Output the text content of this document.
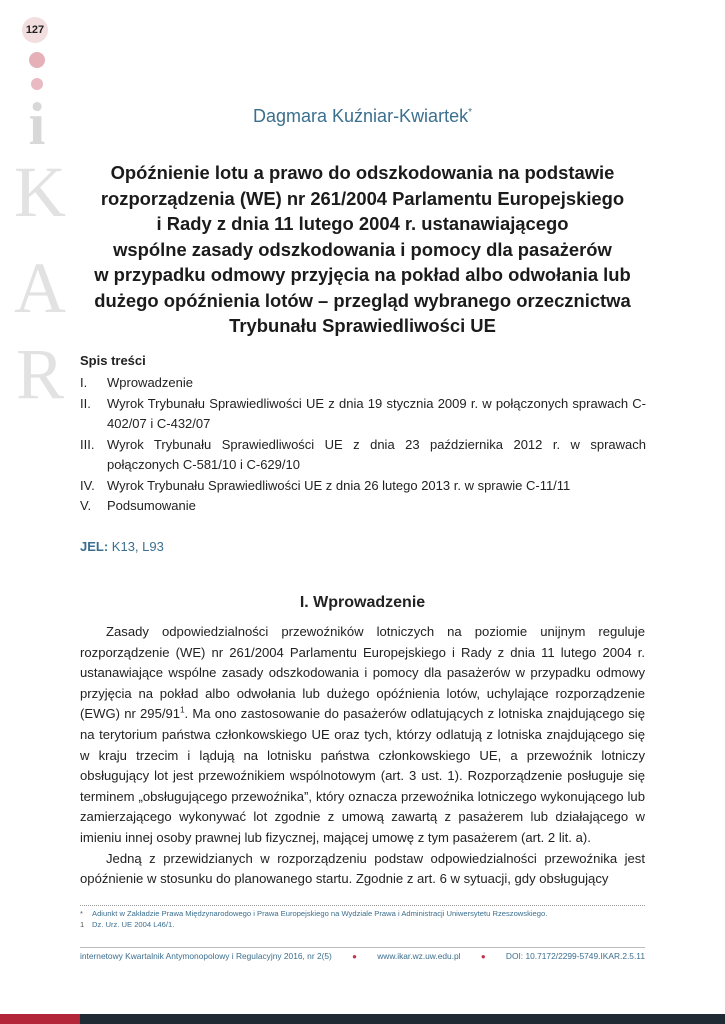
127
i
K
A
R
Dagmara Kuźniar-Kwiartek*
Opóźnienie lotu a prawo do odszkodowania na podstawie
rozporządzenia (WE) nr 261/2004 Parlamentu Europejskiego
i Rady z dnia 11 lutego 2004 r. ustanawiającego
wspólne zasady odszkodowania i pomocy dla pasażerów
w przypadku odmowy przyjęcia na pokład albo odwołania lub
dużego opóźnienia lotów – przegląd wybranego orzecznictwa
Trybunału Sprawiedliwości UE
Spis treści
I.	Wprowadzenie
II.	Wyrok Trybunału Sprawiedliwości UE z dnia 19 stycznia 2009 r. w połączonych sprawach C-402/07 i C-432/07
III. Wyrok Trybunału Sprawiedliwości UE z dnia 23 października 2012 r. w sprawach połączonych C-581/10 i C-629/10
IV. Wyrok Trybunału Sprawiedliwości UE z dnia 26 lutego 2013 r. w sprawie C-11/11
V.	Podsumowanie
JEL: K13, L93
I. Wprowadzenie

Zasady odpowiedzialności przewoźników lotniczych na poziomie unijnym reguluje rozporządzenie (WE) nr 261/2004 Parlamentu Europejskiego i Rady z dnia 11 lutego 2004 r. ustanawiające wspólne zasady odszkodowania i pomocy dla pasażerów w przypadku odmowy przyjęcia na pokład albo odwołania lub dużego opóźnienia lotów, uchylające rozporządzenie (EWG) nr $295/91^1$. Ma ono zastosowanie do pasażerów odlatujących z lotniska znajdującego się na terytorium państwa członkowskiego UE oraz tych, którzy odlatują z lotniska znajdującego się w kraju trzecim i lądują na lotnisku państwa członkowskiego UE, a przewoźnik lotniczy obsługujący lot jest przewoźnikiem wspólnotowym (art. 3 ust. 1). Rozporządzenie posługuje się terminem „obsługującego przewoźnika”, który oznacza przewoźnika lotniczego wykonującego lub zamierzającego wykonywać lot zgodnie z umową zawartą z pasażerem lub działającego w imieniu innej osoby prawnej lub fizycznej, mającej umowę z tym pasażerem (art. 2 lit. a).

Jedną z przewidzianych w rozporządzeniu podstaw odpowiedzialności przewoźnika jest opóźnienie w stosunku do planowanego startu. Zgodnie z art. 6 w sytuacji, gdy obsługujący

*	Adiunkt w Zakładzie Prawa Międzynarodowego i Prawa Europejskiego na Wydziale Prawa i Administracji Uniwersytetu Rzeszowskiego.
1	Dz. Urz. UE 2004 L46/1.
internetowy Kwartalnik Antymonopolowy i Regulacyjny 2016, nr 2(5)	● www.ikar.wz.uw.edu.pl	● DOI: 10.7172/2299-5749.IKAR.2.5.11
